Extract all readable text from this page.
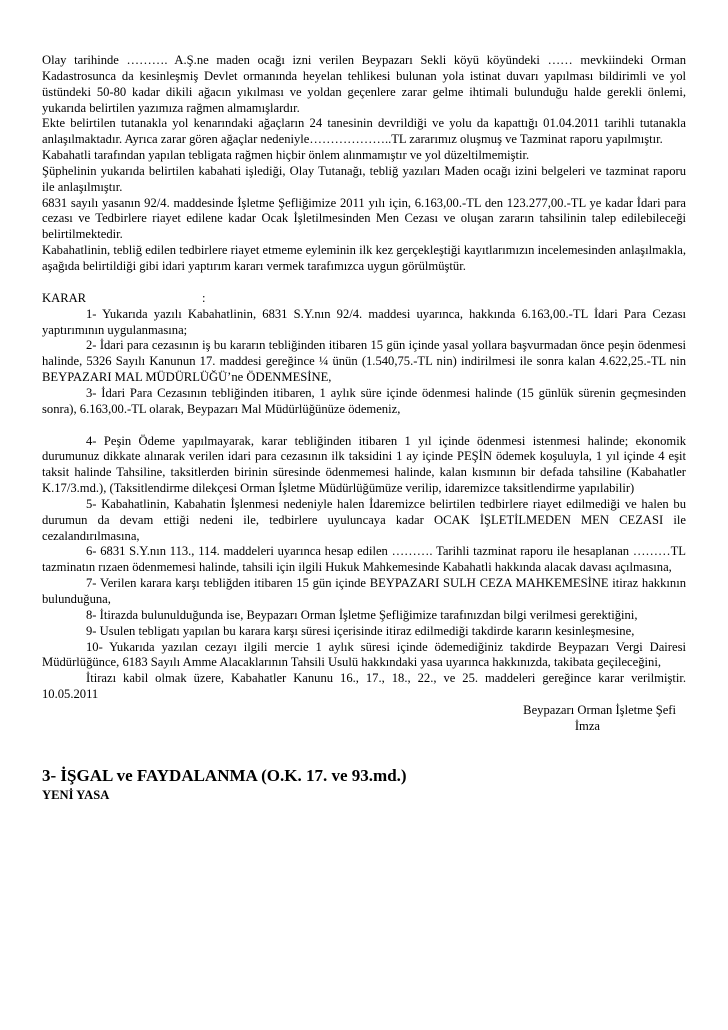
Olay tarihinde ………. A.Ş.ne maden ocağı izni verilen Beypazarı Sekli köyü köyündeki …… mevkiindeki Orman Kadastrosunca da kesinleşmiş Devlet ormanında heyelan tehlikesi bulunan yola istinat duvarı yapılması bildirimli ve yol üstündeki 50-80 kadar dikili ağacın yıkılması ve yoldan geçenlere zarar gelme ihtimali bulunduğu halde gerekli önlemi, yukarıda belirtilen yazımıza rağmen almamışlardır.

Ekte belirtilen tutanakla yol kenarındaki ağaçların 24 tanesinin devrildiği ve yolu da kapattığı 01.04.2011 tarihli tutanakla anlaşılmaktadır. Ayrıca zarar gören ağaçlar nedeniyle………………..TL zararımız oluşmuş ve Tazminat raporu yapılmıştır.

Kabahatli tarafından yapılan tebligata rağmen hiçbir önlem alınmamıştır ve yol düzeltilmemiştir.

Şüphelinin yukarıda belirtilen kabahati işlediği, Olay Tutanağı, tebliğ yazıları Maden ocağı izini belgeleri ve tazminat raporu ile anlaşılmıştır.

6831 sayılı yasanın 92/4. maddesinde İşletme Şefliğimize 2011 yılı için, 6.163,00.-TL den 123.277,00.-TL ye kadar İdari para cezası ve Tedbirlere riayet edilene kadar Ocak İşletilmesinden Men Cezası ve oluşan zararın tahsilinin talep edilebileceği belirtilmektedir.

Kabahatlinin, tebliğ edilen tedbirlere riayet etmeme eyleminin ilk kez gerçekleştiği kayıtlarımızın incelemesinden anlaşılmakla, aşağıda belirtildiği gibi idari yaptırım kararı vermek tarafımızca uygun görülmüştür.

KARAR	:

1- Yukarıda yazılı Kabahatlinin, 6831 S.Y.nın 92/4. maddesi uyarınca, hakkında 6.163,00.-TL İdari Para Cezası yaptırımının uygulanmasına;

2- İdari para cezasının iş bu kararın tebliğinden itibaren 15 gün içinde yasal yollara başvurmadan önce peşin ödenmesi halinde, 5326 Sayılı Kanunun 17. maddesi gereğince ¼ ünün (1.540,75.-TL nin) indirilmesi ile sonra kalan 4.622,25.-TL nin BEYPAZARI MAL MÜDÜRLÜĞÜ’ne ÖDENMESİNE,

3- İdari Para Cezasının tebliğinden itibaren, 1 aylık süre içinde ödenmesi halinde (15 günlük sürenin geçmesinden sonra), 6.163,00.-TL olarak, Beypazarı Mal Müdürlüğünüze ödemeniz,

4- Peşin Ödeme yapılmayarak, karar tebliğinden itibaren 1 yıl içinde ödenmesi istenmesi halinde; ekonomik durumunuz dikkate alınarak verilen idari para cezasının ilk taksidini 1 ay içinde PEŞİN ödemek koşuluyla, 1 yıl içinde 4 eşit taksit halinde Tahsiline, taksitlerden birinin süresinde ödenmemesi halinde, kalan kısmının bir defada tahsiline (Kabahatler K.17/3.md.), (Taksitlendirme dilekçesi Orman İşletme Müdürlüğümüze verilip, idaremizce taksitlendirme yapılabilir)

5- Kabahatlinin, Kabahatin İşlenmesi nedeniyle halen İdaremizce belirtilen tedbirlere riayet edilmediği ve halen bu durumun da devam ettiği nedeni ile, tedbirlere uyuluncaya kadar OCAK İŞLETİLMEDEN MEN CEZASI ile cezalandırılmasına,

6- 6831 S.Y.nın 113., 114. maddeleri uyarınca hesap edilen ………. Tarihli tazminat raporu ile hesaplanan ………TL tazminatın rızaen ödenmemesi halinde, tahsili için ilgili Hukuk Mahkemesinde Kabahatli hakkında alacak davası açılmasına,

7- Verilen karara karşı tebliğden itibaren 15 gün içinde BEYPAZARI SULH CEZA MAHKEMESİNE itiraz hakkının bulunduğuna,

8- İtirazda bulunulduğunda ise, Beypazarı Orman İşletme Şefliğimize tarafınızdan bilgi verilmesi gerektiğini,

9- Usulen tebligatı yapılan bu karara karşı süresi içerisinde itiraz edilmediği takdirde kararın kesinleşmesine,

10- Yukarıda yazılan cezayı ilgili mercie 1 aylık süresi içinde ödemediğiniz takdirde Beypazarı Vergi Dairesi Müdürlüğünce, 6183 Sayılı Amme Alacaklarının Tahsili Usulü hakkındaki yasa uyarınca hakkınızda, takibata geçileceğini,

İtirazı kabil olmak üzere, Kabahatler Kanunu 16., 17., 18., 22., ve 25. maddeleri gereğince karar verilmiştir. 10.05.2011

Beypazarı Orman İşletme Şefi

İmza

3- İŞGAL ve FAYDALANMA (O.K. 17. ve 93.md.)
YENİ YASA
